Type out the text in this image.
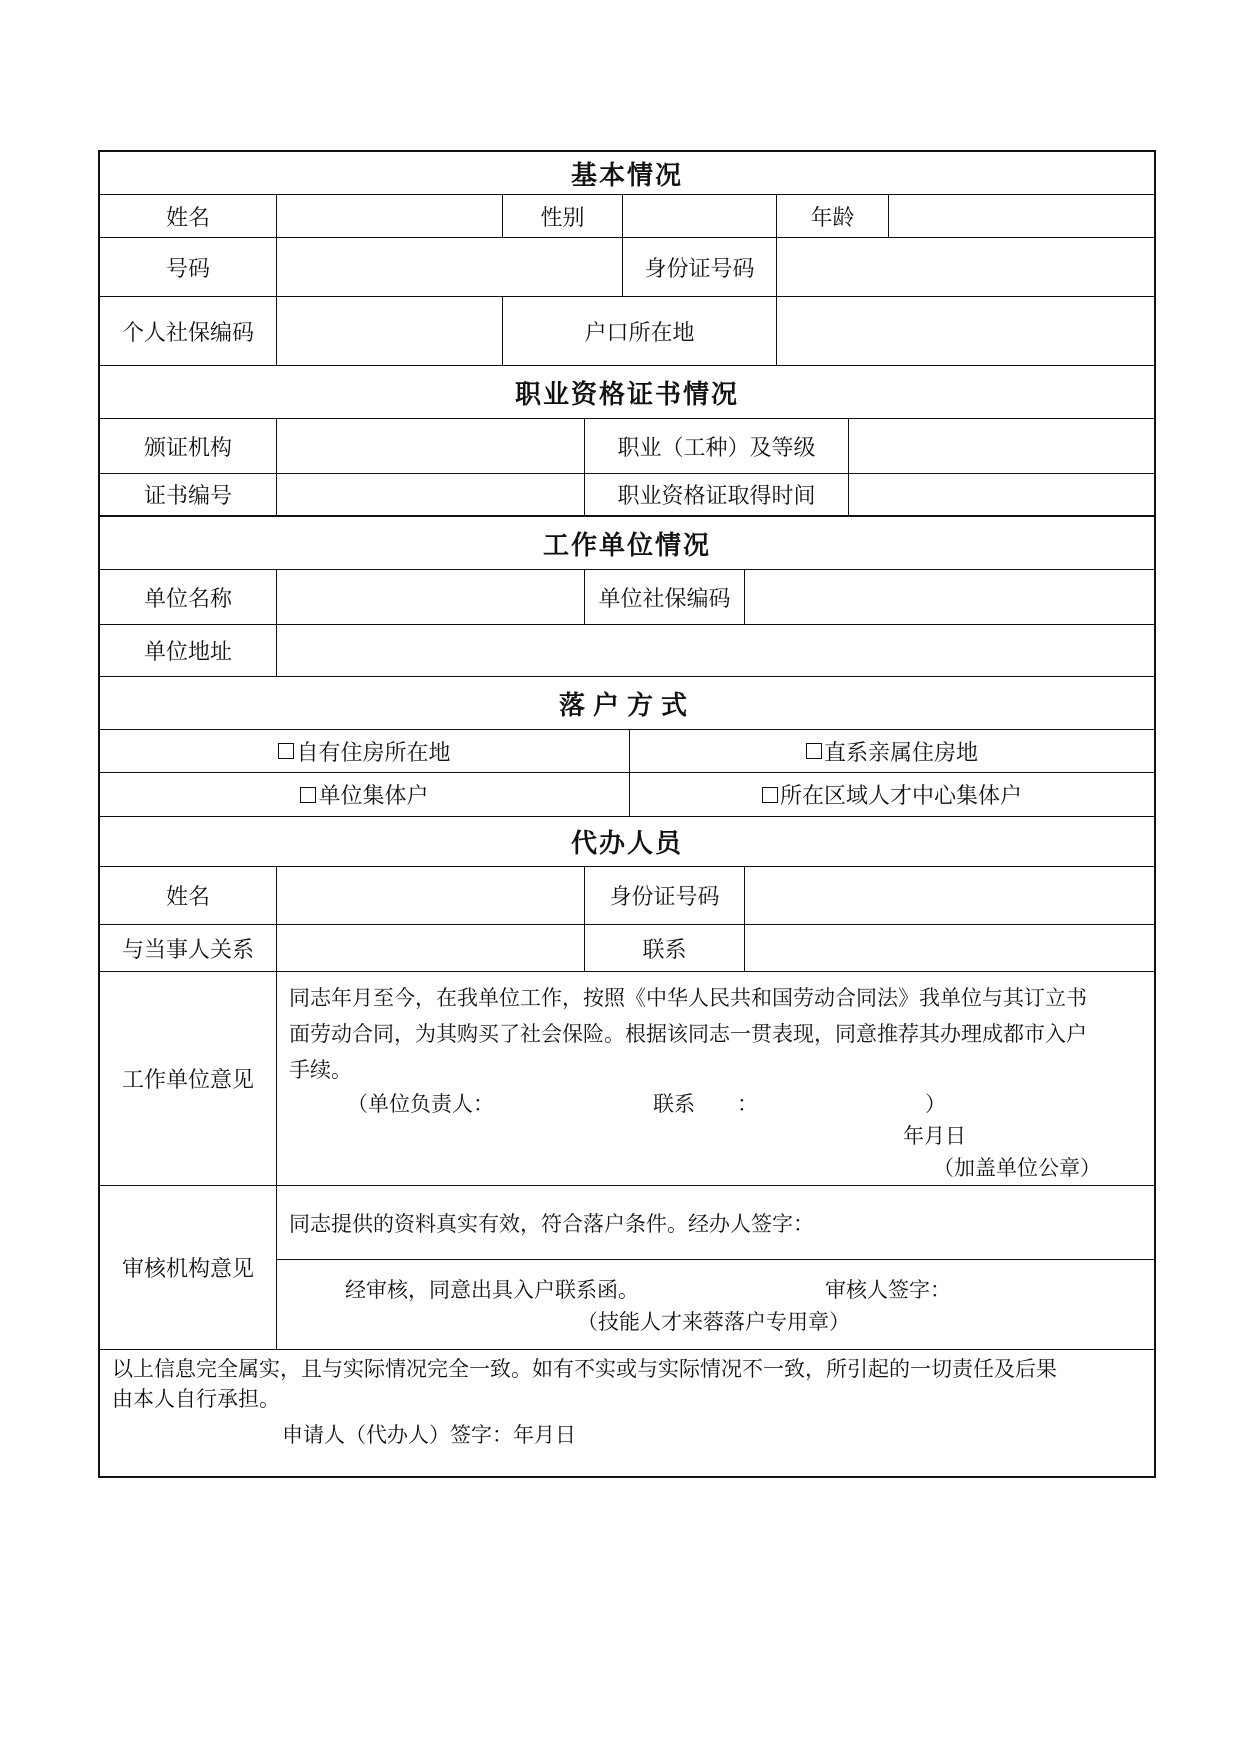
基本情况
姓名	性别	年龄
号码	身份证号码
个人社保编码	户口所在地
职业资格证书情况
颁证机构	职业（工种）及等级
证书编号	职业资格证取得时间
工作单位情况
单位名称	单位社保编码
单位地址
落户方式
自有住房所在地	直系亲属住房地
单位集体户	所在区域人才中心集体户
代办人员
姓名	身份证号码
与当事人关系	联系
工作单位意见

同志年月至今，在我单位工作，按照《中华人民共和国劳动合同法》我单位与其订立书

面劳动合同，为其购买了社会保险。根据该同志一贯表现，同意推荐其办理成都市入户

手续。

（单位负责人：	联系　　：	）
年月日
（加盖单位公章）
审核机构意见
同志提供的资料真实有效，符合落户条件。经办人签字：
经审核，同意出具入户联系函。	审核人签字：
（技能人才来蓉落户专用章）
以上信息完全属实，且与实际情况完全一致。如有不实或与实际情况不一致，所引起的一切责任及后果
由本人自行承担。
申请人（代办人）签字：年月日
